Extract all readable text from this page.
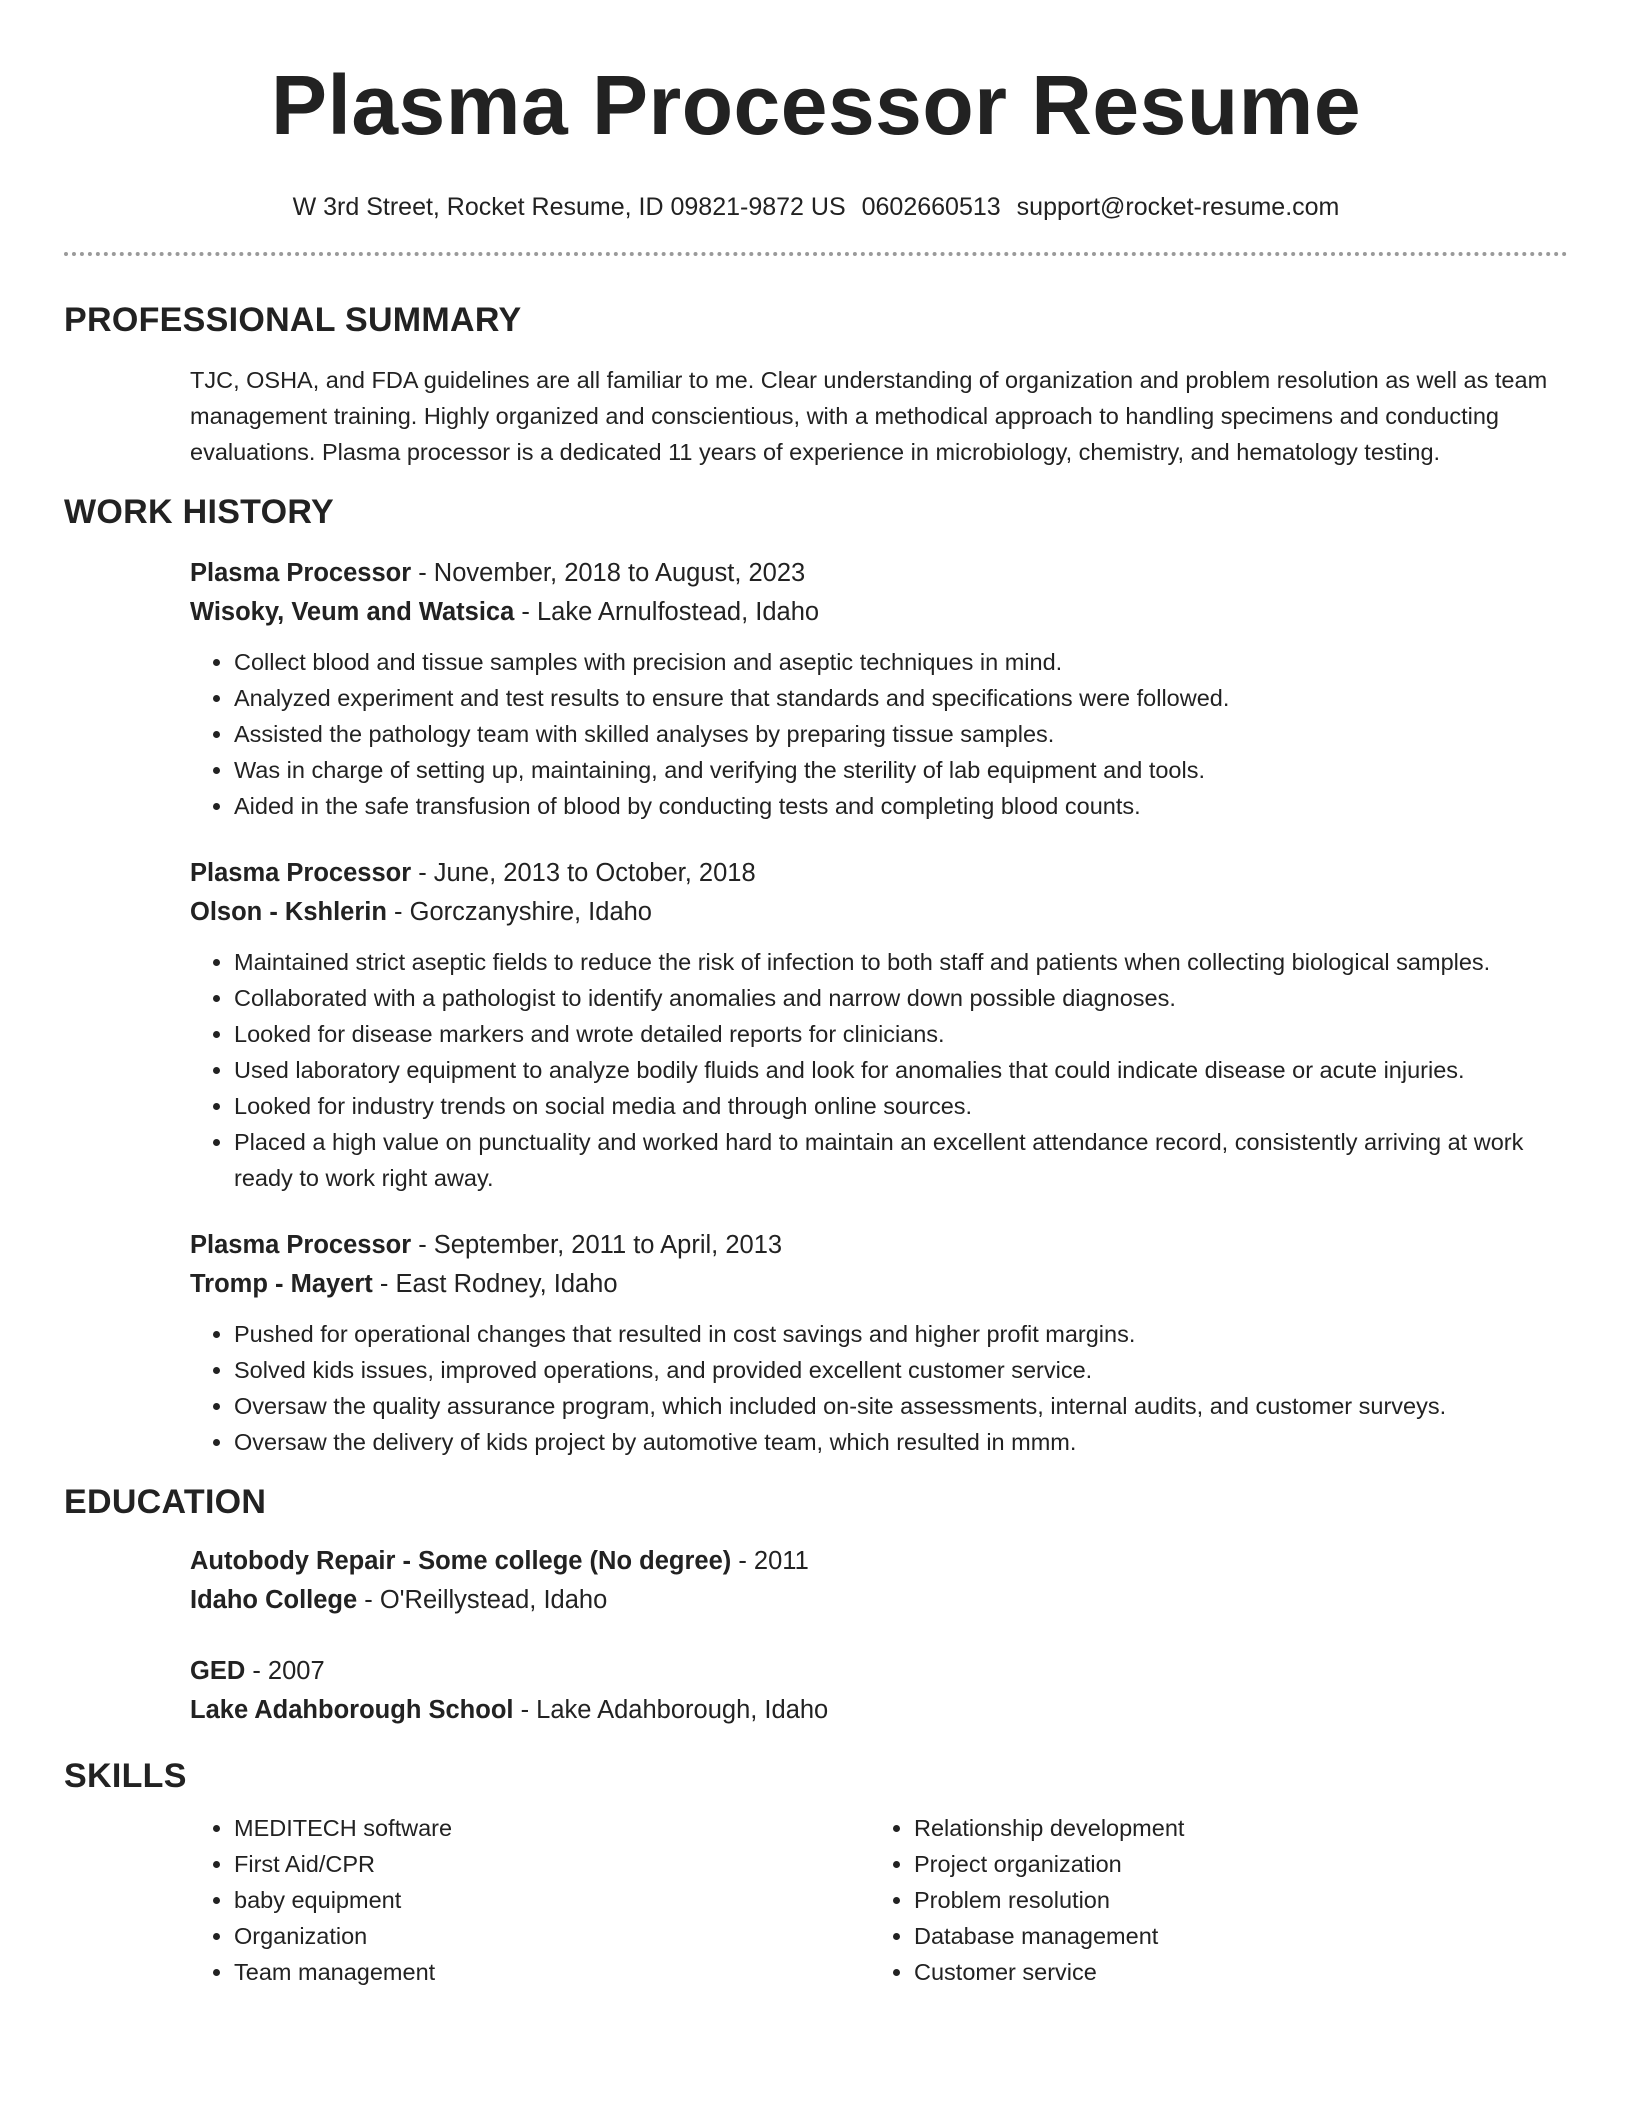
Plasma Processor Resume
W 3rd Street, Rocket Resume, ID 09821-9872 US 0602660513 support@rocket-resume.com
PROFESSIONAL SUMMARY
TJC, OSHA, and FDA guidelines are all familiar to me. Clear understanding of organization and problem resolution as well as team management training. Highly organized and conscientious, with a methodical approach to handling specimens and conducting evaluations. Plasma processor is a dedicated 11 years of experience in microbiology, chemistry, and hematology testing.
WORK HISTORY
Plasma Processor - November, 2018 to August, 2023
Wisoky, Veum and Watsica - Lake Arnulfostead, Idaho
• Collect blood and tissue samples with precision and aseptic techniques in mind.
• Analyzed experiment and test results to ensure that standards and specifications were followed.
• Assisted the pathology team with skilled analyses by preparing tissue samples.
• Was in charge of setting up, maintaining, and verifying the sterility of lab equipment and tools.
• Aided in the safe transfusion of blood by conducting tests and completing blood counts.
Plasma Processor - June, 2013 to October, 2018
Olson - Kshlerin - Gorczanyshire, Idaho
• Maintained strict aseptic fields to reduce the risk of infection to both staff and patients when collecting biological samples.
• Collaborated with a pathologist to identify anomalies and narrow down possible diagnoses.
• Looked for disease markers and wrote detailed reports for clinicians.
• Used laboratory equipment to analyze bodily fluids and look for anomalies that could indicate disease or acute injuries.
• Looked for industry trends on social media and through online sources.
• Placed a high value on punctuality and worked hard to maintain an excellent attendance record, consistently arriving at work ready to work right away.
Plasma Processor - September, 2011 to April, 2013
Tromp - Mayert - East Rodney, Idaho
• Pushed for operational changes that resulted in cost savings and higher profit margins.
• Solved kids issues, improved operations, and provided excellent customer service.
• Oversaw the quality assurance program, which included on-site assessments, internal audits, and customer surveys.
• Oversaw the delivery of kids project by automotive team, which resulted in mmm.
EDUCATION
Autobody Repair - Some college (No degree) - 2011
Idaho College - O'Reillystead, Idaho
GED - 2007
Lake Adahborough School - Lake Adahborough, Idaho
SKILLS
• MEDITECH software
• First Aid/CPR
• baby equipment
• Organization
• Team management
• Relationship development
• Project organization
• Problem resolution
• Database management
• Customer service
